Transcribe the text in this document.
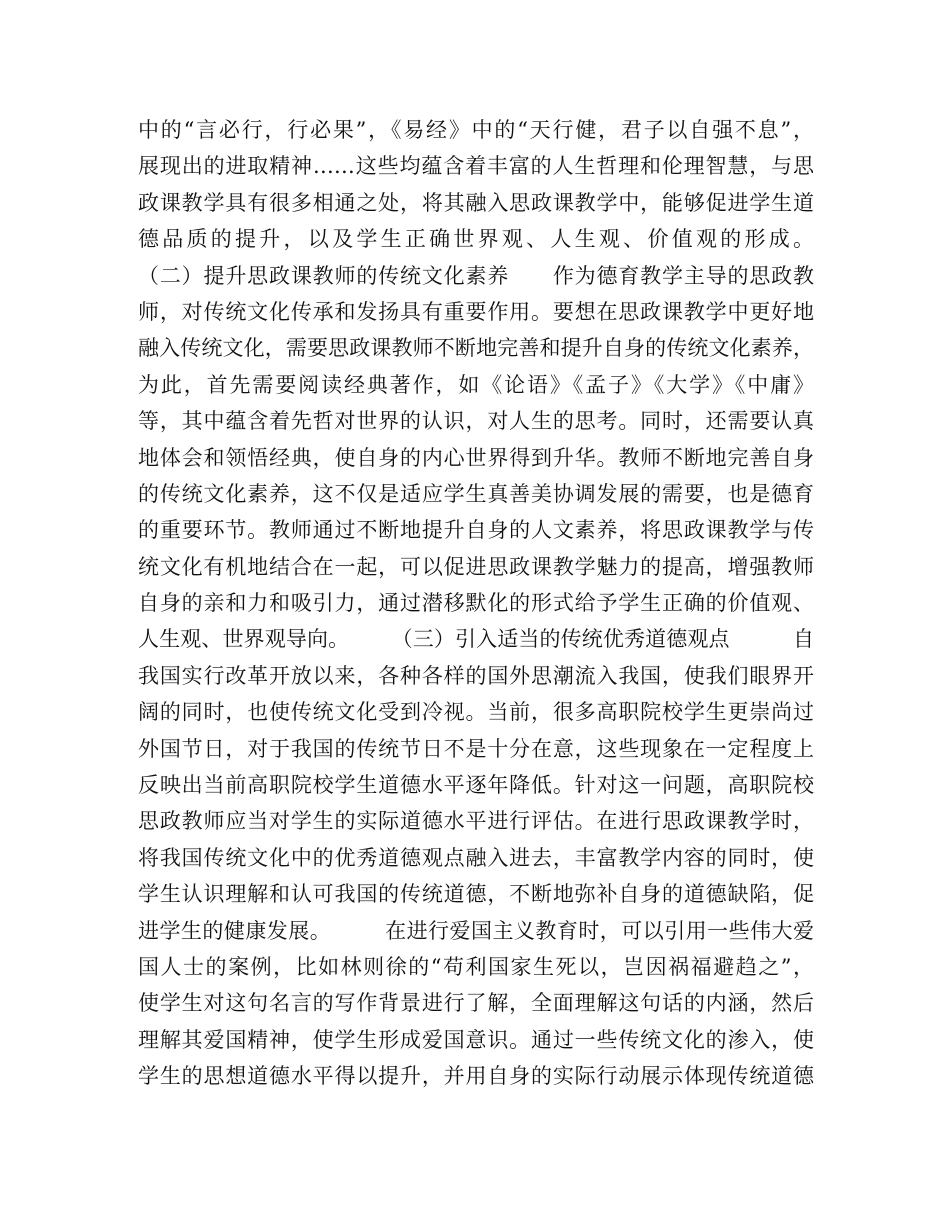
中的“言必行，行必果”，《易经》中的“天行健，君子以自强不息”，
展现出的进取精神……这些均蕴含着丰富的人生哲理和伦理智慧，与思
政课教学具有很多相通之处，将其融入思政课教学中，能够促进学生道
德品质的提升，以及学生正确世界观、人生观、价值观的形成。
（二）提升思政课教师的传统文化素养　　作为德育教学主导的思政教
师，对传统文化传承和发扬具有重要作用。要想在思政课教学中更好地
融入传统文化，需要思政课教师不断地完善和提升自身的传统文化素养，
为此，首先需要阅读经典著作，如《论语》《孟子》《大学》《中庸》
等，其中蕴含着先哲对世界的认识，对人生的思考。同时，还需要认真
地体会和领悟经典，使自身的内心世界得到升华。教师不断地完善自身
的传统文化素养，这不仅是适应学生真善美协调发展的需要，也是德育
的重要环节。教师通过不断地提升自身的人文素养，将思政课教学与传
统文化有机地结合在一起，可以促进思政课教学魅力的提高，增强教师
自身的亲和力和吸引力，通过潜移默化的形式给予学生正确的价值观、
人生观、世界观导向。　　　（三）引入适当的传统优秀道德观点　　　自
我国实行改革开放以来，各种各样的国外思潮流入我国，使我们眼界开
阔的同时，也使传统文化受到冷视。当前，很多高职院校学生更崇尚过
外国节日，对于我国的传统节日不是十分在意，这些现象在一定程度上
反映出当前高职院校学生道德水平逐年降低。针对这一问题，高职院校
思政教师应当对学生的实际道德水平进行评估。在进行思政课教学时，
将我国传统文化中的优秀道德观点融入进去，丰富教学内容的同时，使
学生认识理解和认可我国的传统道德，不断地弥补自身的道德缺陷，促
进学生的健康发展。　　　在进行爱国主义教育时，可以引用一些伟大爱
国人士的案例，比如林则徐的“苟利国家生死以，岂因祸福避趋之”，
使学生对这句名言的写作背景进行了解，全面理解这句话的内涵，然后
理解其爱国精神，使学生形成爱国意识。通过一些传统文化的渗入，使
学生的思想道德水平得以提升，并用自身的实际行动展示体现传统道德
